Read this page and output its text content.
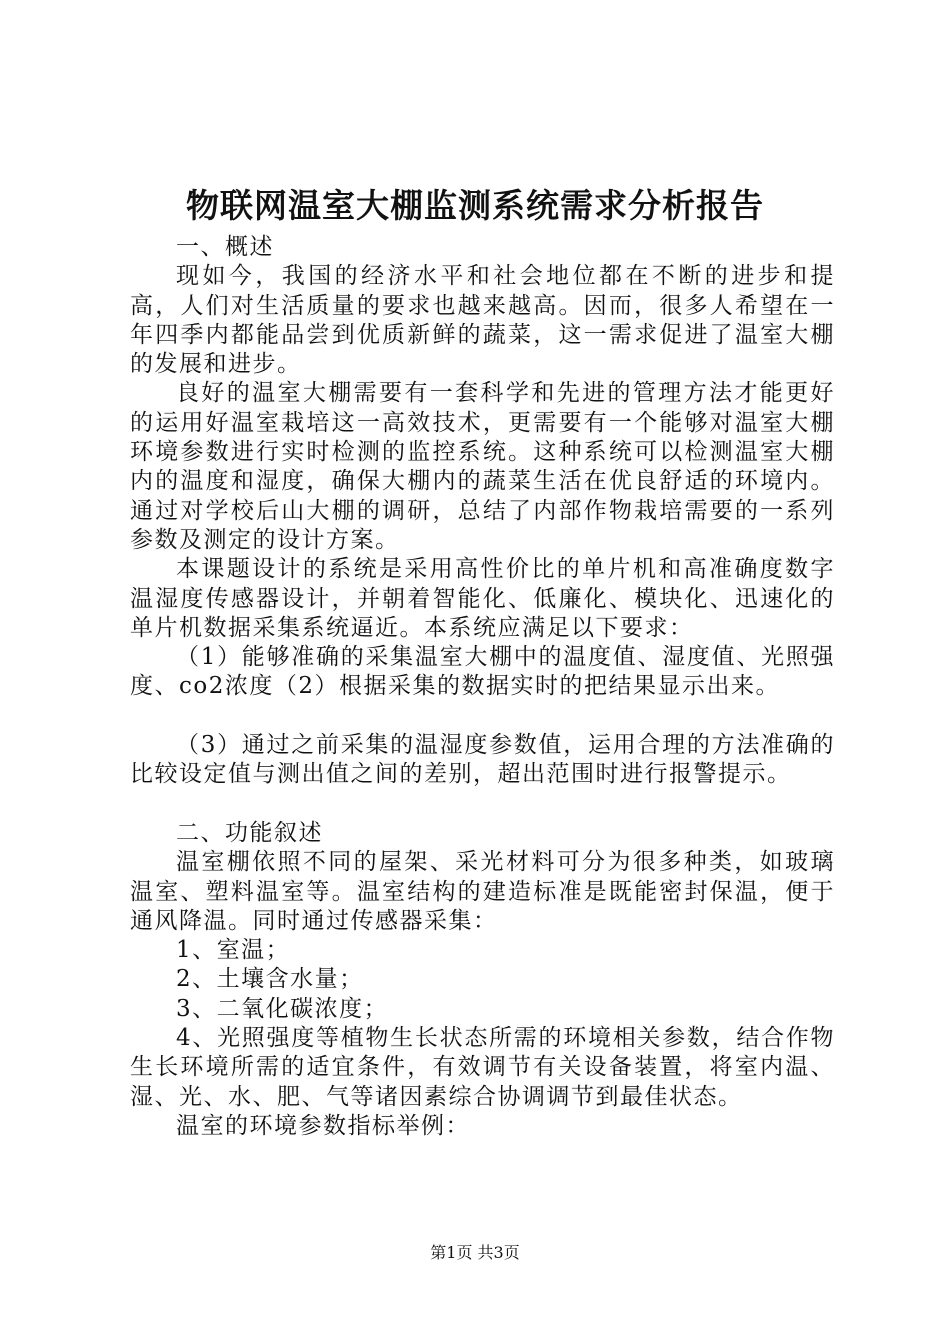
物联网温室大棚监测系统需求分析报告

一、概述

现如今，我国的经济水平和社会地位都在不断的进步和提高，人们对生活质量的要求也越来越高。因而，很多人希望在一年四季内都能品尝到优质新鲜的蔬菜，这一需求促进了温室大棚的发展和进步。

良好的温室大棚需要有一套科学和先进的管理方法才能更好的运用好温室栽培这一高效技术，更需要有一个能够对温室大棚环境参数进行实时检测的监控系统。这种系统可以检测温室大棚内的温度和湿度，确保大棚内的蔬菜生活在优良舒适的环境内。通过对学校后山大棚的调研，总结了内部作物栽培需要的一系列参数及测定的设计方案。

本课题设计的系统是采用高性价比的单片机和高准确度数字温湿度传感器设计，并朝着智能化、低廉化、模块化、迅速化的单片机数据采集系统逼近。本系统应满足以下要求：

（1）能够准确的采集温室大棚中的温度值、湿度值、光照强度、co2浓度（2）根据采集的数据实时的把结果显示出来。

（3）通过之前采集的温湿度参数值，运用合理的方法准确的比较设定值与测出值之间的差别，超出范围时进行报警提示。

二、功能叙述

温室棚依照不同的屋架、采光材料可分为很多种类，如玻璃温室、塑料温室等。温室结构的建造标准是既能密封保温，便于通风降温。同时通过传感器采集：

1、室温；

2、土壤含水量；

3、二氧化碳浓度；

4、光照强度等植物生长状态所需的环境相关参数，结合作物生长环境所需的适宜条件，有效调节有关设备装置，将室内温、湿、光、水、肥、气等诸因素综合协调调节到最佳状态。

温室的环境参数指标举例：

第1页 共3页
